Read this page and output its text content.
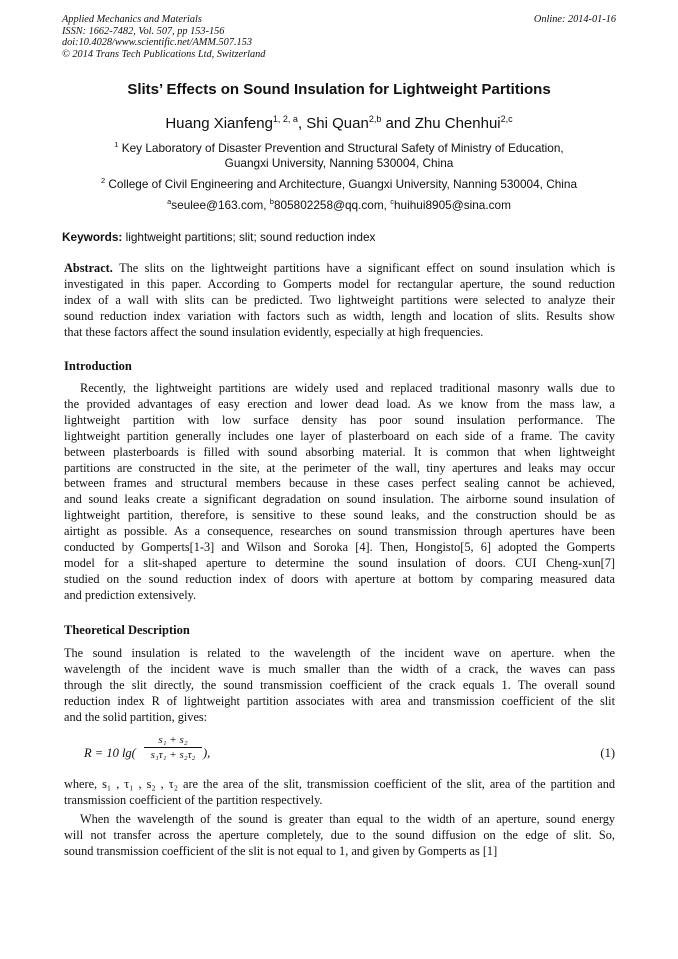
Applied Mechanics and Materials
ISSN: 1662-7482, Vol. 507, pp 153-156
doi:10.4028/www.scientific.net/AMM.507.153
© 2014 Trans Tech Publications Ltd, Switzerland
Online: 2014-01-16
Slits’ Effects on Sound Insulation for Lightweight Partitions
Huang Xianfeng$^{1, 2, a}$, Shi Quan$^{2,b}$ and Zhu Chenhui$^{2,c}$
$^1$ Key Laboratory of Disaster Prevention and Structural Safety of Ministry of Education,
Guangxi University, Nanning 530004, China
$^2$ College of Civil Engineering and Architecture, Guangxi University, Nanning 530004, China
$^a$seulee@163.com, $^b$805802258@qq.com, $^c$huihui8905@sina.com
Keywords: lightweight partitions; slit; sound reduction index
Abstract. The slits on the lightweight partitions have a significant effect on sound insulation which is
investigated in this paper. According to Gomperts model for rectangular aperture, the sound reduction
index of a wall with slits can be predicted. Two lightweight partitions were selected to analyze their
sound reduction index variation with factors such as width, length and location of slits. Results show
that these factors affect the sound insulation evidently, especially at high frequencies.
Introduction
Recently, the lightweight partitions are widely used and replaced traditional masonry walls due to
the provided advantages of easy erection and lower dead load. As we know from the mass law, a
lightweight partition with low surface density has poor sound insulation performance. The
lightweight partition generally includes one layer of plasterboard on each side of a frame. The cavity
between plasterboards is filled with sound absorbing material. It is common that when lightweight
partitions are constructed in the site, at the perimeter of the wall, tiny apertures and leaks may occur
between frames and structural members because in these cases perfect sealing cannot be achieved,
and sound leaks create a significant degradation on sound insulation. The airborne sound insulation of
lightweight partition, therefore, is sensitive to these sound leaks, and the construction should be as
airtight as possible. As a consequence, researches on sound transmission through apertures have been
conducted by Gomperts[1-3] and Wilson and Soroka [4]. Then, Hongisto[5, 6] adopted the Gomperts
model for a slit-shaped aperture to determine the sound insulation of doors. CUI Cheng-xun[7]
studied on the sound reduction index of doors with aperture at bottom by comparing measured data
and prediction extensively.
Theoretical Description
The sound insulation is related to the wavelength of the incident wave on aperture. when the
wavelength of the incident wave is much smaller than the width of a crack, the waves can pass
through the slit directly, the sound transmission coefficient of the crack equals 1. The overall sound
reduction index R of lightweight partition associates with area and transmission coefficient of the slit
and the solid partition, gives:
R = 10 lg(
s₁ + s₂
s₁τ₁ + s₂τ₂ ),	(1)
where, s₁ , τ₁ , s₂ , τ₂ are the area of the slit, transmission coefficient of the slit, area of the partition and
transmission coefficient of the partition respectively.
When the wavelength of the sound is greater than equal to the width of an aperture, sound energy
will not transfer across the aperture completely, due to the sound diffusion on the edge of slit. So,
sound transmission coefficient of the slit is not equal to 1, and given by Gomperts as [1]
